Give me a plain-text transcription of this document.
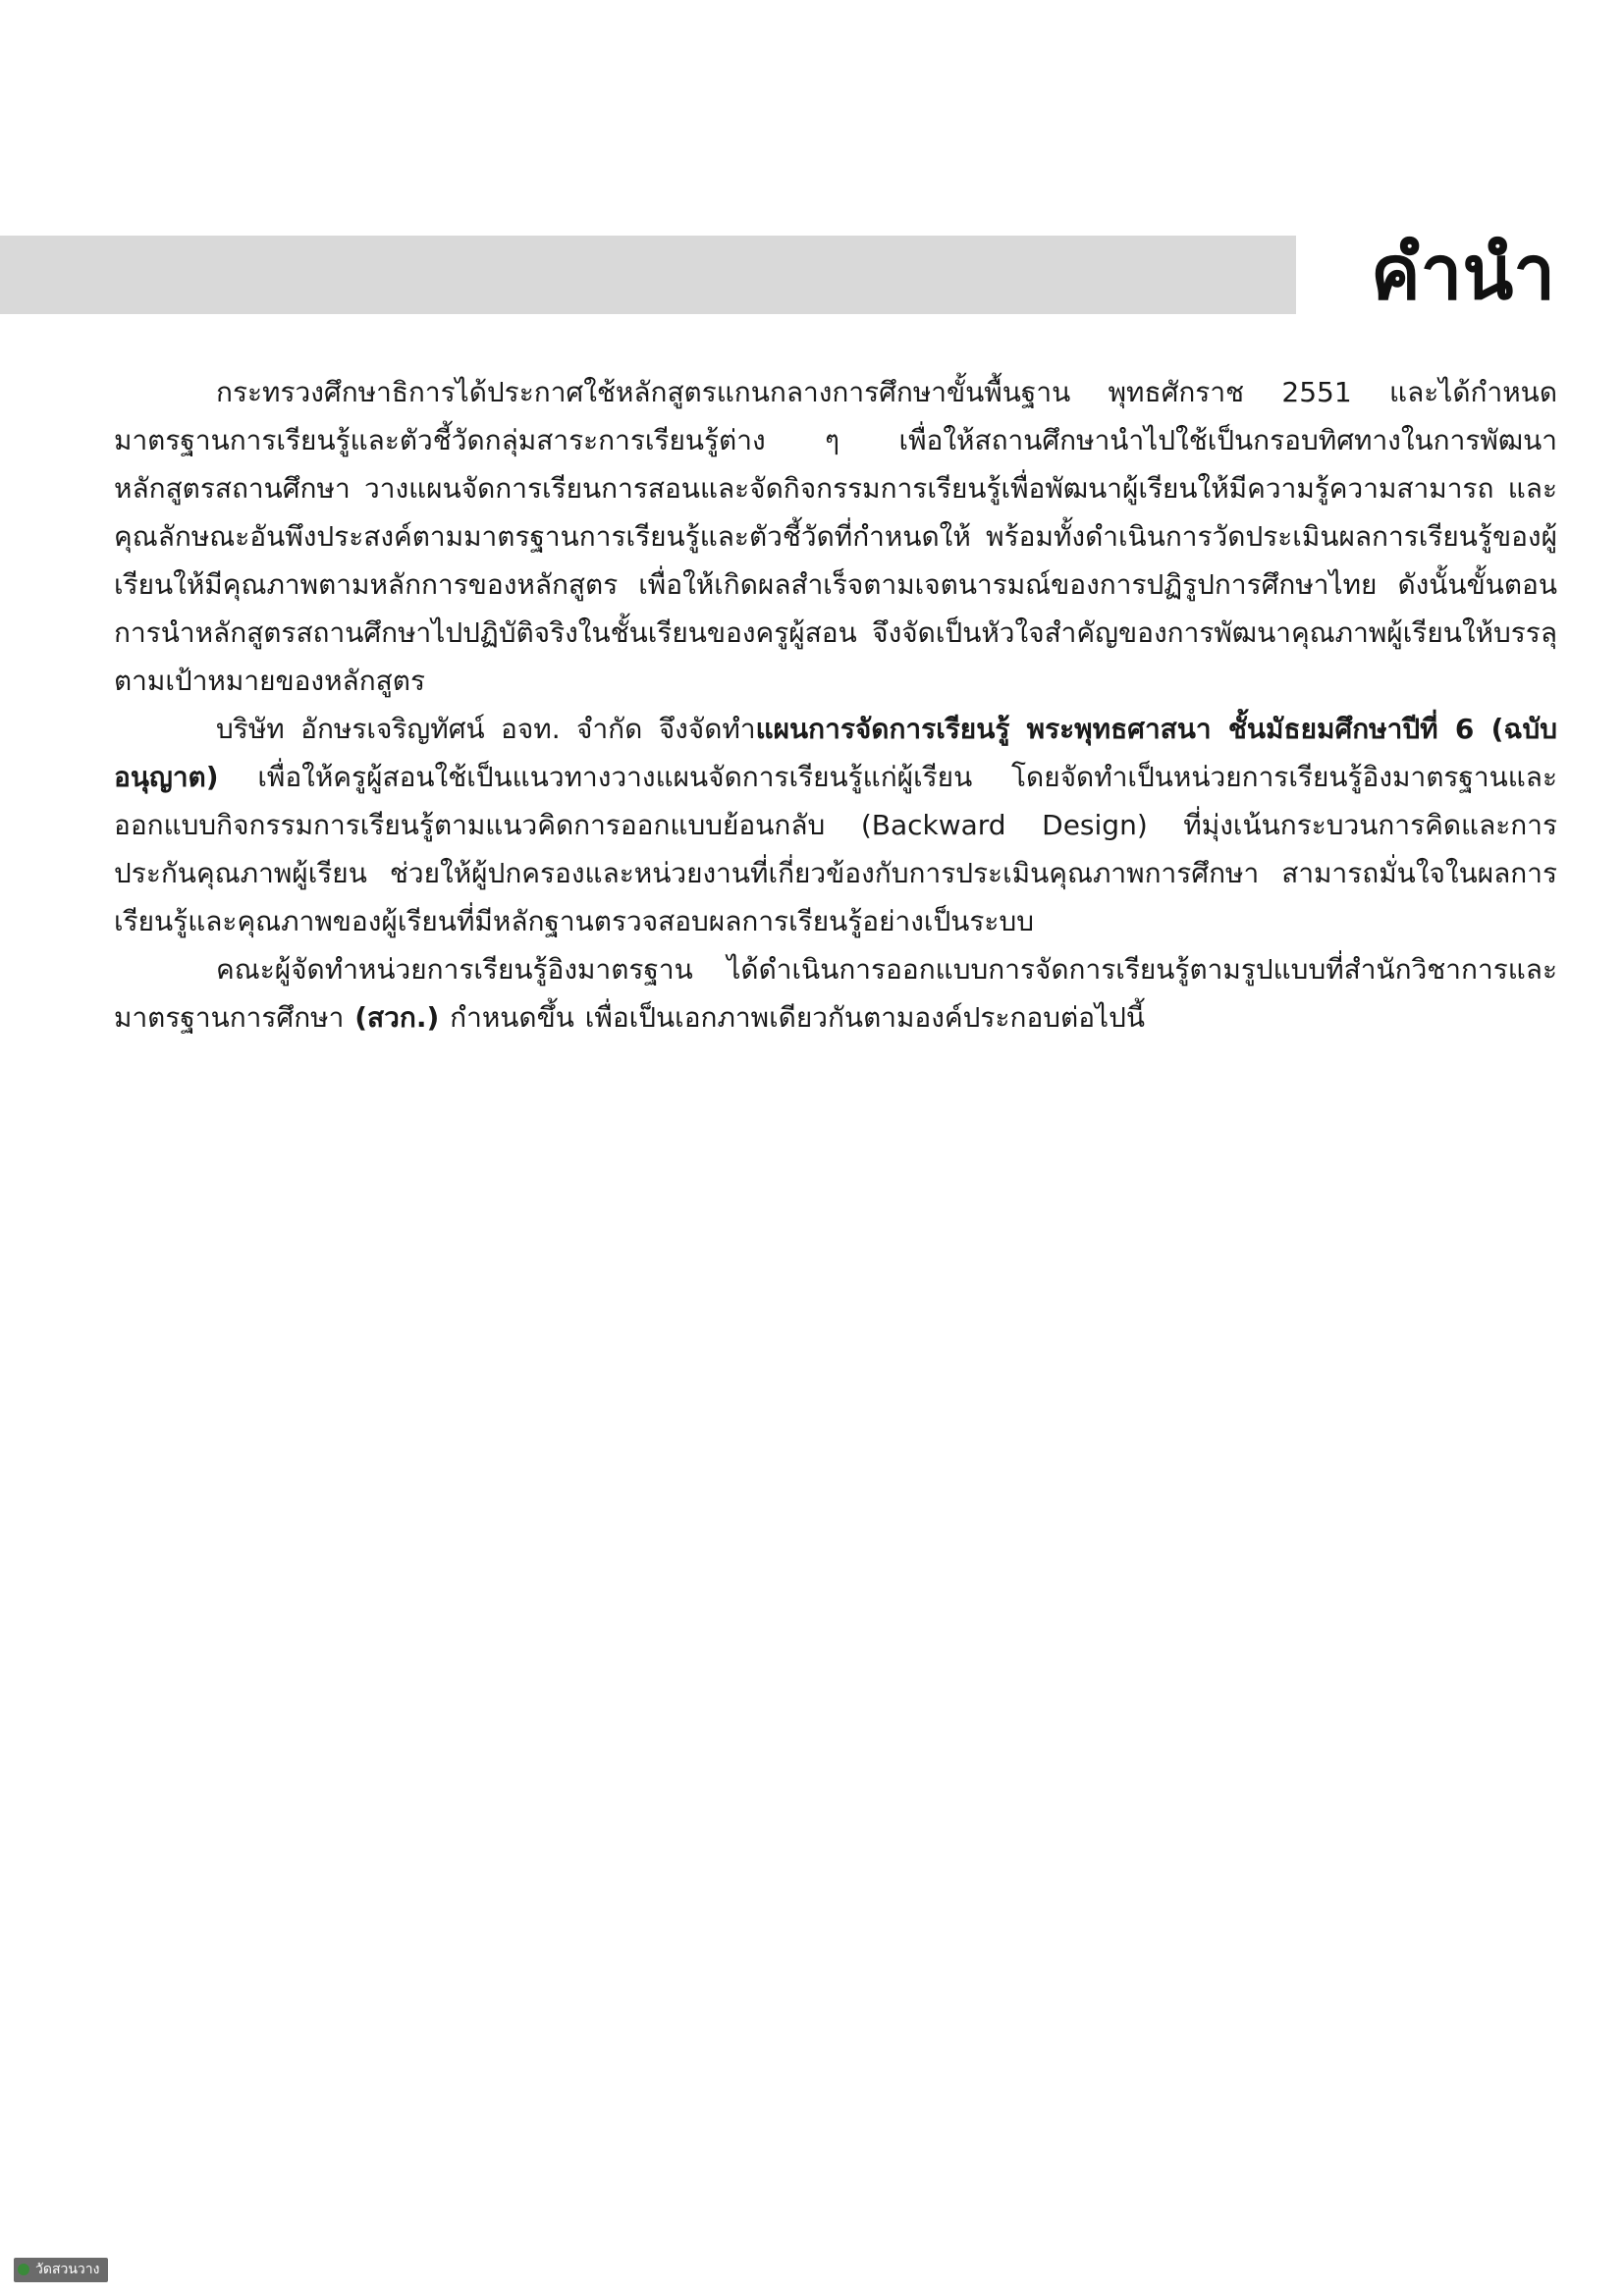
คำนำ

กระทรวงศึกษาธิการได้ประกาศใช้หลักสูตรแกนกลางการศึกษาขั้นพื้นฐาน พุทธศักราช 2551 และได้กำหนดมาตรฐานการเรียนรู้และตัวชี้วัดกลุ่มสาระการเรียนรู้ต่าง ๆ เพื่อให้สถานศึกษานำไปใช้เป็นกรอบทิศทางในการพัฒนาหลักสูตรสถานศึกษา วางแผนจัดการเรียนการสอนและจัดกิจกรรมการเรียนรู้เพื่อพัฒนาผู้เรียนให้มีความรู้ความสามารถ และคุณลักษณะอันพึงประสงค์ตามมาตรฐานการเรียนรู้และตัวชี้วัดที่กำหนดให้ พร้อมทั้งดำเนินการวัดประเมินผลการเรียนรู้ของผู้เรียนให้มีคุณภาพตามหลักการของหลักสูตร เพื่อให้เกิดผลสำเร็จตามเจตนารมณ์ของการปฏิรูปการศึกษาไทย ดังนั้นขั้นตอนการนำหลักสูตรสถานศึกษาไปปฏิบัติจริงในชั้นเรียนของครูผู้สอน จึงจัดเป็นหัวใจสำคัญของการพัฒนาคุณภาพผู้เรียนให้บรรลุตามเป้าหมายของหลักสูตร

บริษัท อักษรเจริญทัศน์ อจท. จำกัด จึงจัดทำแผนการจัดการเรียนรู้ พระพุทธศาสนา ชั้นมัธยมศึกษาปีที่ 6 (ฉบับอนุญาต) เพื่อให้ครูผู้สอนใช้เป็นแนวทางวางแผนจัดการเรียนรู้แก่ผู้เรียน โดยจัดทำเป็นหน่วยการเรียนรู้อิงมาตรฐานและออกแบบกิจกรรมการเรียนรู้ตามแนวคิดการออกแบบย้อนกลับ (Backward Design) ที่มุ่งเน้นกระบวนการคิดและการประกันคุณภาพผู้เรียน ช่วยให้ผู้ปกครองและหน่วยงานที่เกี่ยวข้องกับการประเมินคุณภาพการศึกษา สามารถมั่นใจในผลการเรียนรู้และคุณภาพของผู้เรียนที่มีหลักฐานตรวจสอบผลการเรียนรู้อย่างเป็นระบบ

คณะผู้จัดทำหน่วยการเรียนรู้อิงมาตรฐาน ได้ดำเนินการออกแบบการจัดการเรียนรู้ตามรูปแบบที่สำนักวิชาการและมาตรฐานการศึกษา (สวก.) กำหนดขึ้น เพื่อเป็นเอกภาพเดียวกันตามองค์ประกอบต่อไปนี้

วัดสวนวาง
